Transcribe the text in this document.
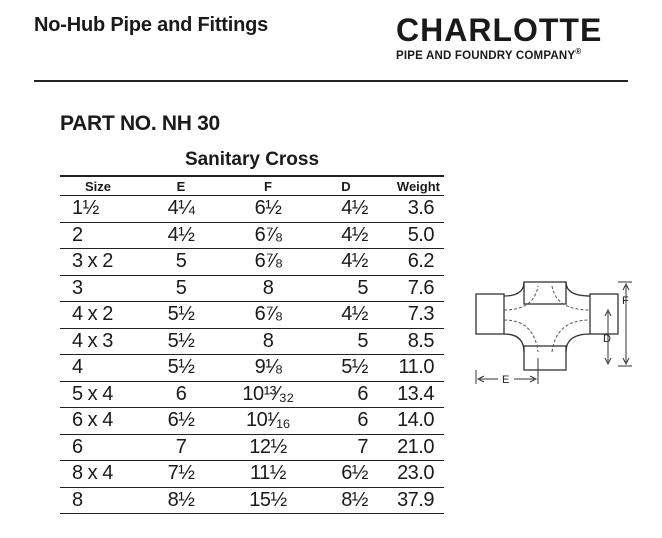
No-Hub Pipe and Fittings	CHARLOTTE
PIPE AND FOUNDRY COMPANY®
PART NO. NH 30
Sanitary Cross
Size	E	F	D	Weight
1½	4¼	6½	4½	3.6
2	4½	6⅞	4½	5.0
3 x 2	5	6⅞	4½	6.2
3	5	8	5	7.6
4 x 2	5½	6⅞	4½	7.3
4 x 3	5½	8	5	8.5
4	5½	9⅛	5½	11.0
5 x 4	6	10¹³⁄₃₂	6	13.4
6 x 4	6½	10¹⁄₁₆	6	14.0
6	7	12½	7	21.0
8 x 4	7½	11½	6½	23.0
8	8½	15½	8½	37.9
F
D
E
